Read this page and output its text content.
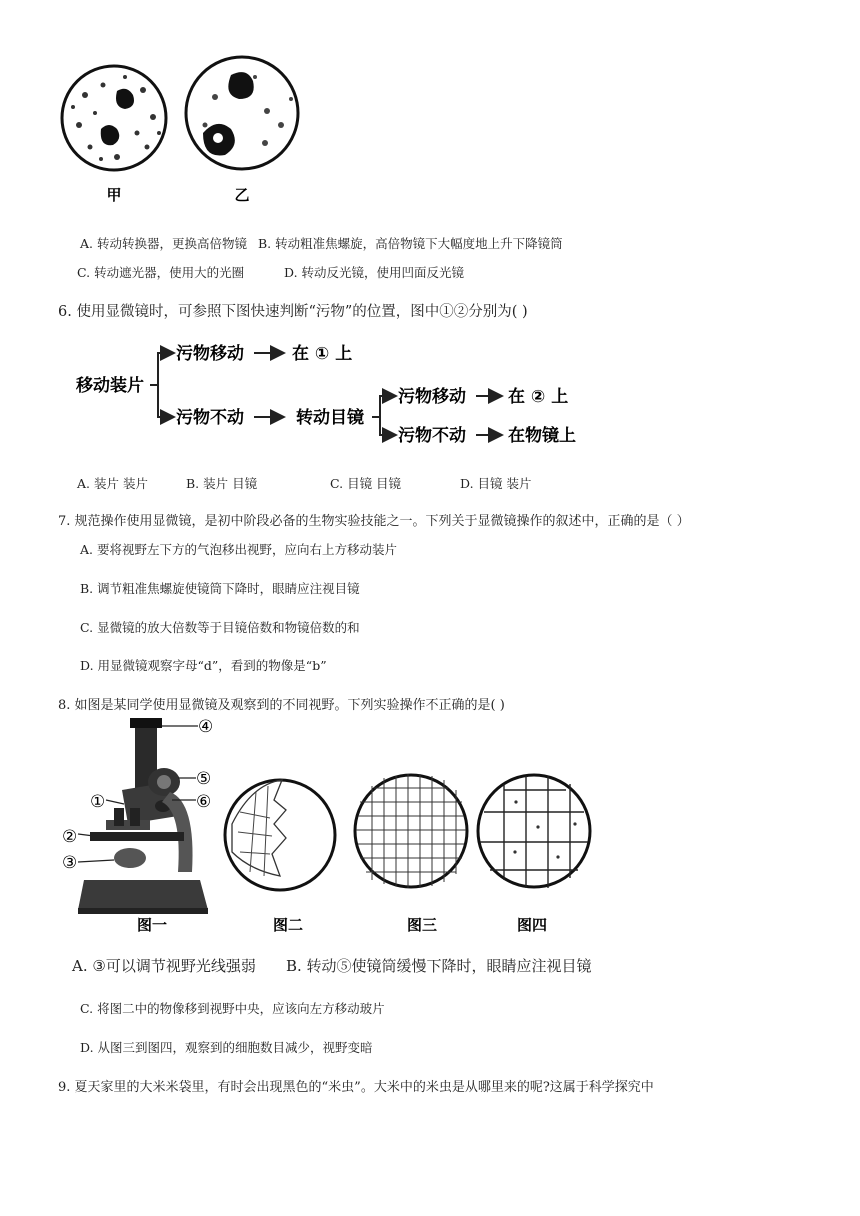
甲	乙
A. 转动转换器，更换高倍物镜 B. 转动粗准焦螺旋，高倍物镜下大幅度地上升下降镜筒
C. 转动遮光器，使用大的光圈	D. 转动反光镜，使用凹面反光镜
6. 使用显微镜时，可参照下图快速判断“污物”的位置，图中①②分别为( )
移动装片
污物移动	在 ① 上
污物不动	转动目镜
污物移动 在 ② 上
污物不动 在物镜上
A. 装片 装片	B. 装片 目镜	C. 目镜 目镜	D. 目镜 装片
7. 规范操作使用显微镜，是初中阶段必备的生物实验技能之一。下列关于显微镜操作的叙述中，正确的是（ ）
A. 要将视野左下方的气泡移出视野，应向右上方移动装片
B. 调节粗准焦螺旋使镜筒下降时，眼睛应注视目镜
C. 显微镜的放大倍数等于目镜倍数和物镜倍数的和
D. 用显微镜观察字母“d”，看到的物像是“b”
8. 如图是某同学使用显微镜及观察到的不同视野。下列实验操作不正确的是( )
④
⑤
⑥
①
②
③
图一	图二	图三	图四
A. ③可以调节视野光线强弱 B. 转动⑤使镜筒缓慢下降时，眼睛应注视目镜
C. 将图二中的物像移到视野中央，应该向左方移动玻片
D. 从图三到图四，观察到的细胞数目减少，视野变暗
9. 夏天家里的大米米袋里，有时会出现黑色的“米虫”。大米中的米虫是从哪里来的呢?这属于科学探究中
